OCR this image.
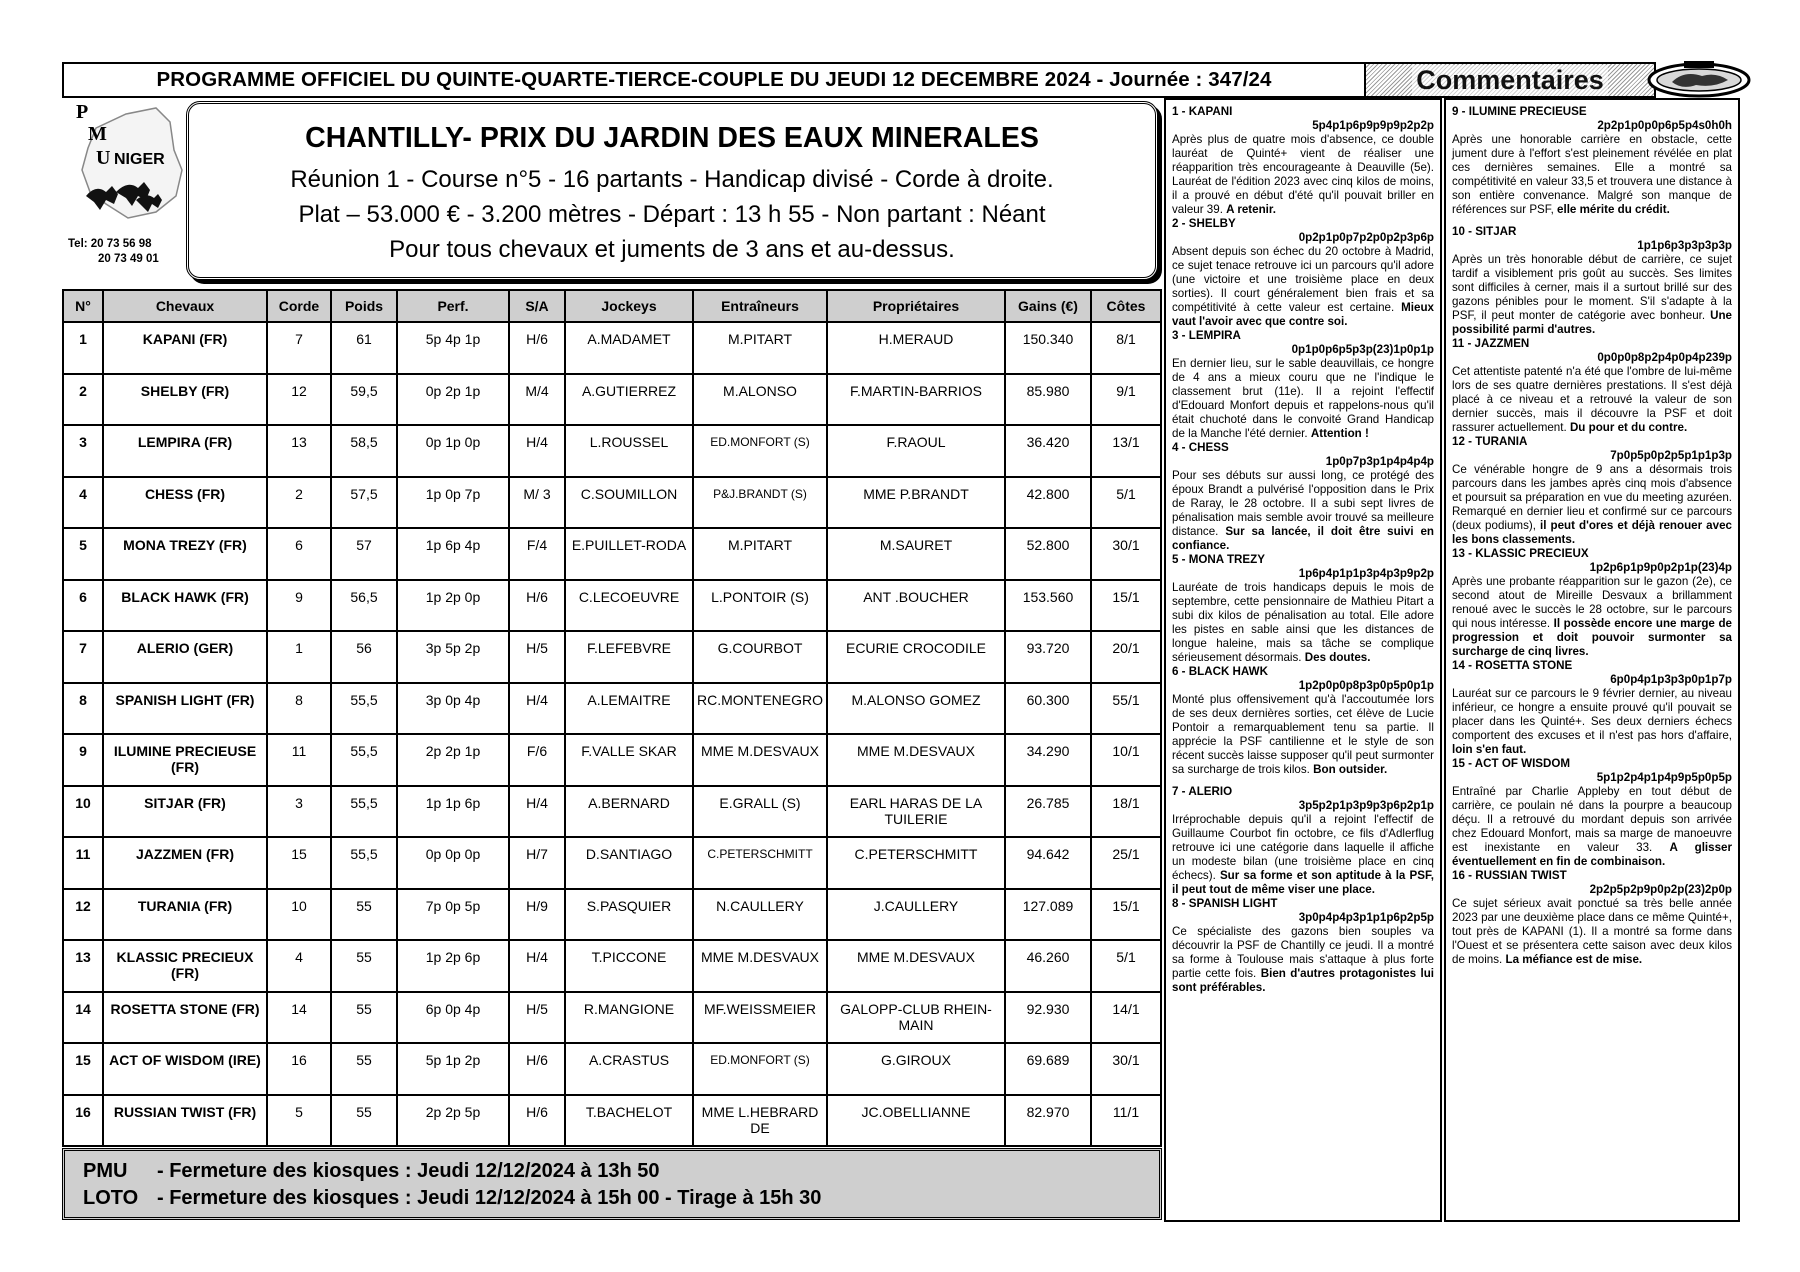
PROGRAMME OFFICIEL DU QUINTE-QUARTE-TIERCE-COUPLE DU JEUDI 12 DECEMBRE 2024 - Journée : 347/24	Commentaires
P
M
U NIGER
Tel: 20 73 56 98
20 73 49 01
CHANTILLY- PRIX DU JARDIN DES EAUX MINERALES
Réunion 1 - Course n°5 - 16 partants - Handicap divisé - Corde à droite.
Plat – 53.000 € - 3.200 mètres - Départ : 13 h 55 - Non partant : Néant
Pour tous chevaux et juments de 3 ans et au-dessus.
N°	Chevaux	Corde	Poids	Perf.	S/A	Jockeys	Entraîneurs	Propriétaires	Gains (€)	Côtes
1	KAPANI (FR)	7	61	5p 4p 1p	H/6	A.MADAMET	M.PITART	H.MERAUD	150.340	8/1
2	SHELBY (FR)	12	59,5	0p 2p 1p	M/4	A.GUTIERREZ	M.ALONSO	F.MARTIN-BARRIOS	85.980	9/1
3	LEMPIRA (FR)	13	58,5	0p 1p 0p	H/4	L.ROUSSEL	ED.MONFORT (S)	F.RAOUL	36.420	13/1
4	CHESS (FR)	2	57,5	1p 0p 7p	M/ 3	C.SOUMILLON	P&J.BRANDT (S)	MME P.BRANDT	42.800	5/1
5	MONA TREZY (FR)	6	57	1p 6p 4p	F/4	E.PUILLET-RODA	M.PITART	M.SAURET	52.800	30/1
6	BLACK HAWK (FR)	9	56,5	1p 2p 0p	H/6	C.LECOEUVRE	L.PONTOIR (S)	ANT .BOUCHER	153.560	15/1
7	ALERIO (GER)	1	56	3p 5p 2p	H/5	F.LEFEBVRE	G.COURBOT	ECURIE CROCODILE	93.720	20/1
8	SPANISH LIGHT (FR)	8	55,5	3p 0p 4p	H/4	A.LEMAITRE	RC.MONTENEGRO	M.ALONSO GOMEZ	60.300	55/1
9	ILUMINE PRECIEUSE (FR)	11	55,5	2p 2p 1p	F/6	F.VALLE SKAR	MME M.DESVAUX	MME M.DESVAUX	34.290	10/1
10	SITJAR (FR)	3	55,5	1p 1p 6p	H/4	A.BERNARD	E.GRALL (S)	EARL HARAS DE LA TUILERIE	26.785	18/1
11	JAZZMEN (FR)	15	55,5	0p 0p 0p	H/7	D.SANTIAGO	C.PETERSCHMITT	C.PETERSCHMITT	94.642	25/1
12	TURANIA (FR)	10	55	7p 0p 5p	H/9	S.PASQUIER	N.CAULLERY	J.CAULLERY	127.089	15/1
13	KLASSIC PRECIEUX (FR)	4	55	1p 2p 6p	H/4	T.PICCONE	MME M.DESVAUX	MME M.DESVAUX	46.260	5/1
14	ROSETTA STONE (FR)	14	55	6p 0p 4p	H/5	R.MANGIONE	MF.WEISSMEIER	GALOPP-CLUB RHEIN-MAIN	92.930	14/1
15	ACT OF WISDOM (IRE)	16	55	5p 1p 2p	H/6	A.CRASTUS	ED.MONFORT (S)	G.GIROUX	69.689	30/1
16	RUSSIAN TWIST (FR)	5	55	2p 2p 5p	H/6	T.BACHELOT	MME L.HEBRARD DE	JC.OBELLIANNE	82.970	11/1
PMU - Fermeture des kiosques : Jeudi 12/12/2024 à 13h 50
LOTO - Fermeture des kiosques : Jeudi 12/12/2024 à 15h 00 - Tirage à 15h 30
1 - KAPANI
5p4p1p6p9p9p9p2p2p
Après plus de quatre mois d'absence, ce double lauréat de Quinté+ vient de réaliser une réapparition très encourageante à Deauville (5e). Lauréat de l'édition 2023 avec cinq kilos de moins, il a prouvé en début d'été qu'il pouvait briller en valeur 39. A retenir.
2 - SHELBY
0p2p1p0p7p2p0p2p3p6p
Absent depuis son échec du 20 octobre à Madrid, ce sujet tenace retrouve ici un parcours qu'il adore (une victoire et une troisième place en deux sorties). Il court généralement bien frais et sa compétitivité à cette valeur est certaine. Mieux vaut l'avoir avec que contre soi.
3 - LEMPIRA
0p1p0p6p5p3p(23)1p0p1p
En dernier lieu, sur le sable deauvillais, ce hongre de 4 ans a mieux couru que ne l'indique le classement brut (11e). Il a rejoint l'effectif d'Edouard Monfort depuis et rappelons-nous qu'il était chuchoté dans le convoité Grand Handicap de la Manche l'été dernier. Attention !
4 - CHESS
1p0p7p3p1p4p4p4p
Pour ses débuts sur aussi long, ce protégé des époux Brandt a pulvérisé l'opposition dans le Prix de Raray, le 28 octobre. Il a subi sept livres de pénalisation mais semble avoir trouvé sa meilleure distance. Sur sa lancée, il doit être suivi en confiance.
5 - MONA TREZY
1p6p4p1p1p3p4p3p9p2p
Lauréate de trois handicaps depuis le mois de septembre, cette pensionnaire de Mathieu Pitart a subi dix kilos de pénalisation au total. Elle adore les pistes en sable ainsi que les distances de longue haleine, mais sa tâche se complique sérieusement désormais. Des doutes.
6 - BLACK HAWK
1p2p0p0p8p3p0p5p0p1p
Monté plus offensivement qu'à l'accoutumée lors de ses deux dernières sorties, cet élève de Lucie Pontoir a remarquablement tenu sa partie. Il apprécie la PSF cantilienne et le style de son récent succès laisse supposer qu'il peut surmonter sa surcharge de trois kilos. Bon outsider.
7 - ALERIO
3p5p2p1p3p9p3p6p2p1p
Irréprochable depuis qu'il a rejoint l'effectif de Guillaume Courbot fin octobre, ce fils d'Adlerflug retrouve ici une catégorie dans laquelle il affiche un modeste bilan (une troisième place en cinq échecs). Sur sa forme et son aptitude à la PSF, il peut tout de même viser une place.
8 - SPANISH LIGHT
3p0p4p4p3p1p1p6p2p5p
Ce spécialiste des gazons bien souples va découvrir la PSF de Chantilly ce jeudi. Il a montré sa forme à Toulouse mais s'attaque à plus forte partie cette fois. Bien d'autres protagonistes lui sont préférables.
9 - ILUMINE PRECIEUSE
2p2p1p0p0p6p5p4s0h0h
Après une honorable carrière en obstacle, cette jument dure à l'effort s'est pleinement révélée en plat ces dernières semaines. Elle a montré sa compétitivité en valeur 33,5 et trouvera une distance à son entière convenance. Malgré son manque de références sur PSF, elle mérite du crédit.
10 - SITJAR
1p1p6p3p3p3p3p
Après un très honorable début de carrière, ce sujet tardif a visiblement pris goût au succès. Ses limites sont difficiles à cerner, mais il a surtout brillé sur des gazons pénibles pour le moment. S'il s'adapte à la PSF, il peut monter de catégorie avec bonheur. Une possibilité parmi d'autres.
11 - JAZZMEN
0p0p0p8p2p4p0p4p239p
Cet attentiste patenté n'a été que l'ombre de lui-même lors de ses quatre dernières prestations. Il s'est déjà placé à ce niveau et a retrouvé la valeur de son dernier succès, mais il découvre la PSF et doit rassurer actuellement. Du pour et du contre.
12 - TURANIA
7p0p5p0p2p5p1p1p3p
Ce vénérable hongre de 9 ans a désormais trois parcours dans les jambes après cinq mois d'absence et poursuit sa préparation en vue du meeting azuréen. Remarqué en dernier lieu et confirmé sur ce parcours (deux podiums), il peut d'ores et déjà renouer avec les bons classements.
13 - KLASSIC PRECIEUX
1p2p6p1p9p0p2p1p(23)4p
Après une probante réapparition sur le gazon (2e), ce second atout de Mireille Desvaux a brillamment renoué avec le succès le 28 octobre, sur le parcours qui nous intéresse. Il possède encore une marge de progression et doit pouvoir surmonter sa surcharge de cinq livres.
14 - ROSETTA STONE
6p0p4p1p3p3p0p1p7p
Lauréat sur ce parcours le 9 février dernier, au niveau inférieur, ce hongre a ensuite prouvé qu'il pouvait se placer dans les Quinté+. Ses deux derniers échecs comportent des excuses et il n'est pas hors d'affaire, loin s'en faut.
15 - ACT OF WISDOM
5p1p2p4p1p4p9p5p0p5p
Entraîné par Charlie Appleby en tout début de carrière, ce poulain né dans la pourpre a beaucoup déçu. Il a retrouvé du mordant depuis son arrivée chez Edouard Monfort, mais sa marge de manoeuvre est inexistante en valeur 33. A glisser éventuellement en fin de combinaison.
16 - RUSSIAN TWIST
2p2p5p2p9p0p2p(23)2p0p
Ce sujet sérieux avait ponctué sa très belle année 2023 par une deuxième place dans ce même Quinté+, tout près de KAPANI (1). Il a montré sa forme dans l'Ouest et se présentera cette saison avec deux kilos de moins. La méfiance est de mise.
